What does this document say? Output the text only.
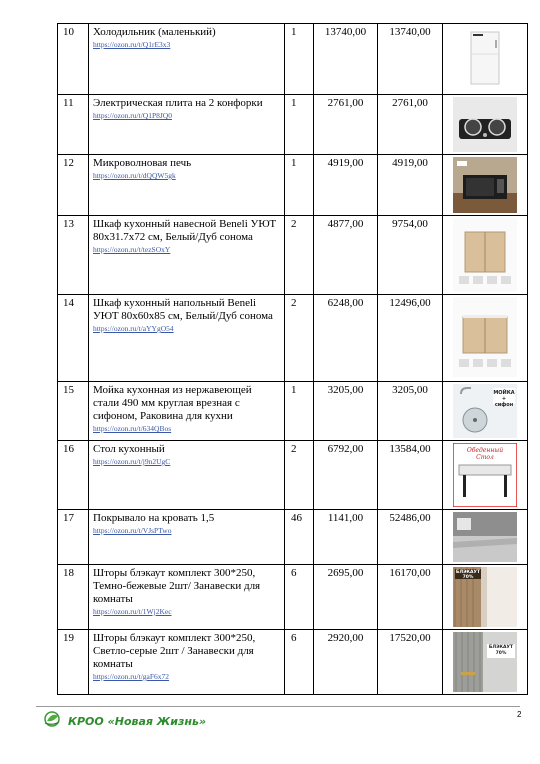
10	Холодильник (маленький)
https://ozon.ru/t/Q1rE3x3	1	13740,00	13740,00	

11	Электрическая плита на 2 конфорки
https://ozon.ru/t/Q1P8JQ0	1	2761,00	2761,00	

12	Микроволновая печь
https://ozon.ru/t/dQQW5gk	1	4919,00	4919,00	

13	Шкаф кухонный навесной Beneli УЮТ 80х31.7х72 см, Белый/Дуб сонома
https://ozon.ru/t/tezSOxY	2	4877,00	9754,00	

14	Шкаф кухонный напольный Beneli УЮТ 80х60х85 см, Белый/Дуб сонома
https://ozon.ru/t/aYYgO54	2	6248,00	12496,00	

15	Мойка кухонная из нержавеющей стали 490 мм круглая врезная с сифоном, Раковина для кухни
https://ozon.ru/t/634QBos	1	3205,00	3205,00	МОЙКА + сифон

16	Стол кухонный
https://ozon.ru/t/j9n2UgC	2	6792,00	13584,00	Обеденный Стол

17	Покрывало на кровать 1,5
https://ozon.ru/t/VJsPTwo	46	1141,00	52486,00	

18	Шторы блэкаут комплект 300*250, Темно-бежевые 2шт/ Занавески для комнаты
https://ozon.ru/t/1Wj2Kec	6	2695,00	16170,00	БЛЭКАУТ 70%

19	Шторы блэкаут комплект 300*250, Светло-серые 2шт / Занавески для комнаты
https://ozon.ru/t/gaF6x72	6	2920,00	17520,00	БЛЭКАУТ 70%
КРОО «Новая Жизнь»
2
